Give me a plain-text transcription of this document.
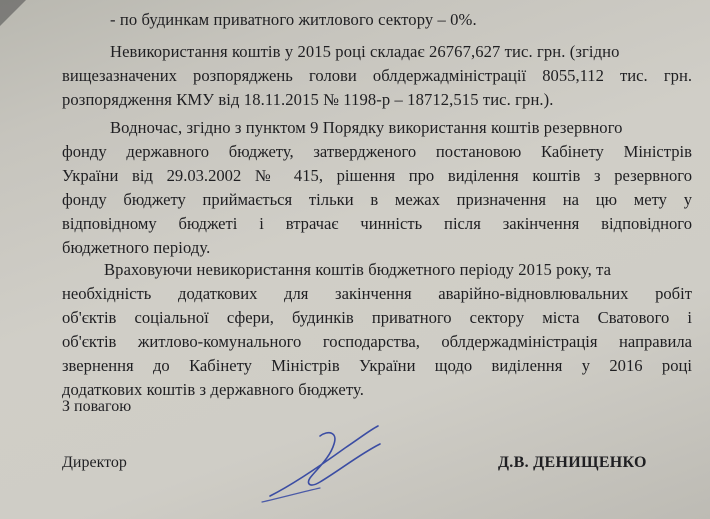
- по будинкам приватного житлового сектору – 0%.
Невикористання коштів у 2015 році складає 26767,627 тис. грн. (згідно
вищезазначених розпоряджень голови облдержадміністрації 8055,112 тис. грн.
розпорядження КМУ від 18.11.2015 № 1198-р – 18712,515 тис. грн.).
Водночас, згідно з пунктом 9 Порядку використання коштів резервного
фонду державного бюджету, затвердженого постановою Кабінету Міністрів
України від 29.03.2002 № 415, рішення про виділення коштів з резервного
фонду бюджету приймається тільки в межах призначення на цю мету у
відповідному бюджеті і втрачає чинність після закінчення відповідного
бюджетного періоду.
Враховуючи невикористання коштів бюджетного періоду 2015 року, та
необхідність додаткових для закінчення аварійно-відновлювальних робіт
об'єктів соціальної сфери, будинків приватного сектору міста Сватового і
об'єктів житлово-комунального господарства, облдержадміністрація направила
звернення до Кабінету Міністрів України щодо виділення у 2016 році
додаткових коштів з державного бюджету.
З повагою
Директор	Д.В. ДЕНИЩЕНКО
